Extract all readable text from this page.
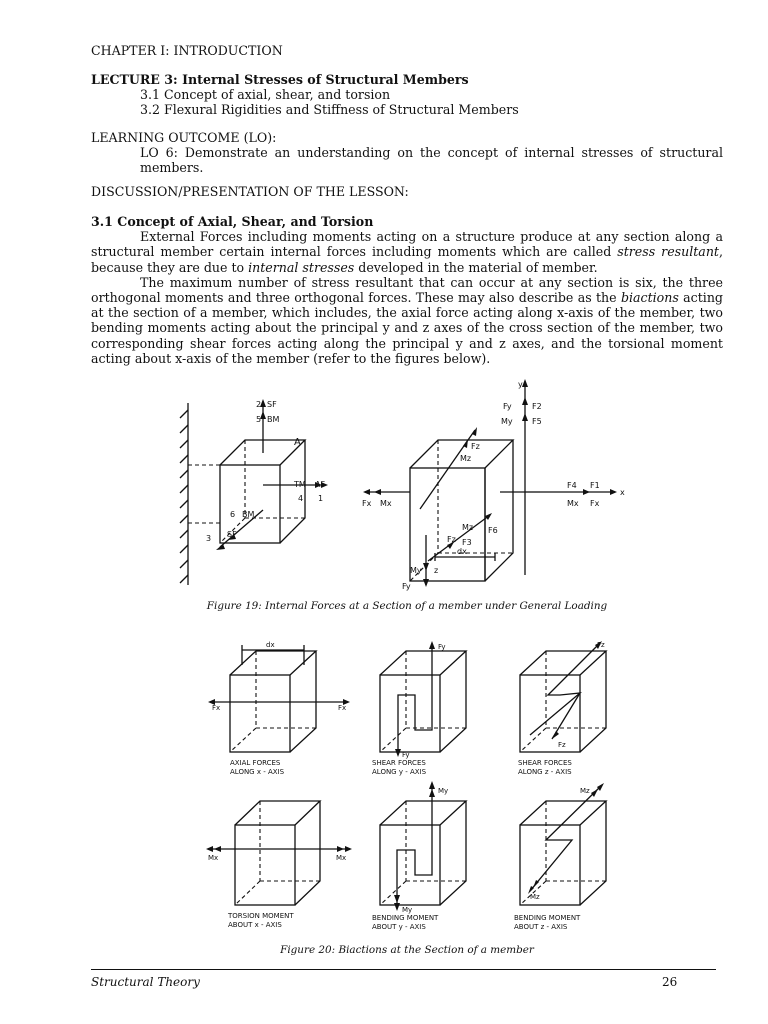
CHAPTER I: INTRODUCTION
LECTURE 3: Internal Stresses of Structural Members
3.1 Concept of axial, shear, and torsion
3.2 Flexural Rigidities and Stiffness of Structural Members
LEARNING OUTCOME (LO):
LO 6: Demonstrate an understanding on the concept of internal stresses of structural members.
DISCUSSION/PRESENTATION OF THE LESSON:
3.1 Concept of Axial, Shear, and Torsion

External Forces including moments acting on a structure produce at any section along a structural member certain internal forces including moments which are called stress resultant, because they are due to internal stresses developed in the material of member.

The maximum number of stress resultant that can occur at any section is six, the three orthogonal moments and three orthogonal forces. These may also describe as the biactions acting at the section of a member, which includes, the axial force acting along x-axis of the member, two bending moments acting about the principal y and z axes of the cross section of the member, two corresponding shear forces acting along the principal y and z axes, and the torsional moment acting about x-axis of the member (refer to the figures below).

2 SF
5 BM
A
TM AF
4 1
6 BM
3 SF
y
Fy	F2
My F5
Fz
Mz
Fx Mx
F4 F1
x
Mx Fx
Mz F6
Fz F3
dx
My z
Fy
Figure 19: Internal Forces at a Section of a member under General Loading
dx
Fx	Fx
AXIAL FORCES
ALONG x - AXIS
Fy
Fy
SHEAR FORCES
ALONG y - AXIS
Fz
Fz
SHEAR FORCES
ALONG z - AXIS
Mx	Mx
TORSION MOMENT
ABOUT x - AXIS
My
My
BENDING MOMENT
ABOUT y - AXIS
Mz
Mz
BENDING MOMENT
ABOUT z - AXIS
Figure 20: Biactions at the Section of a member
Structural Theory	26
